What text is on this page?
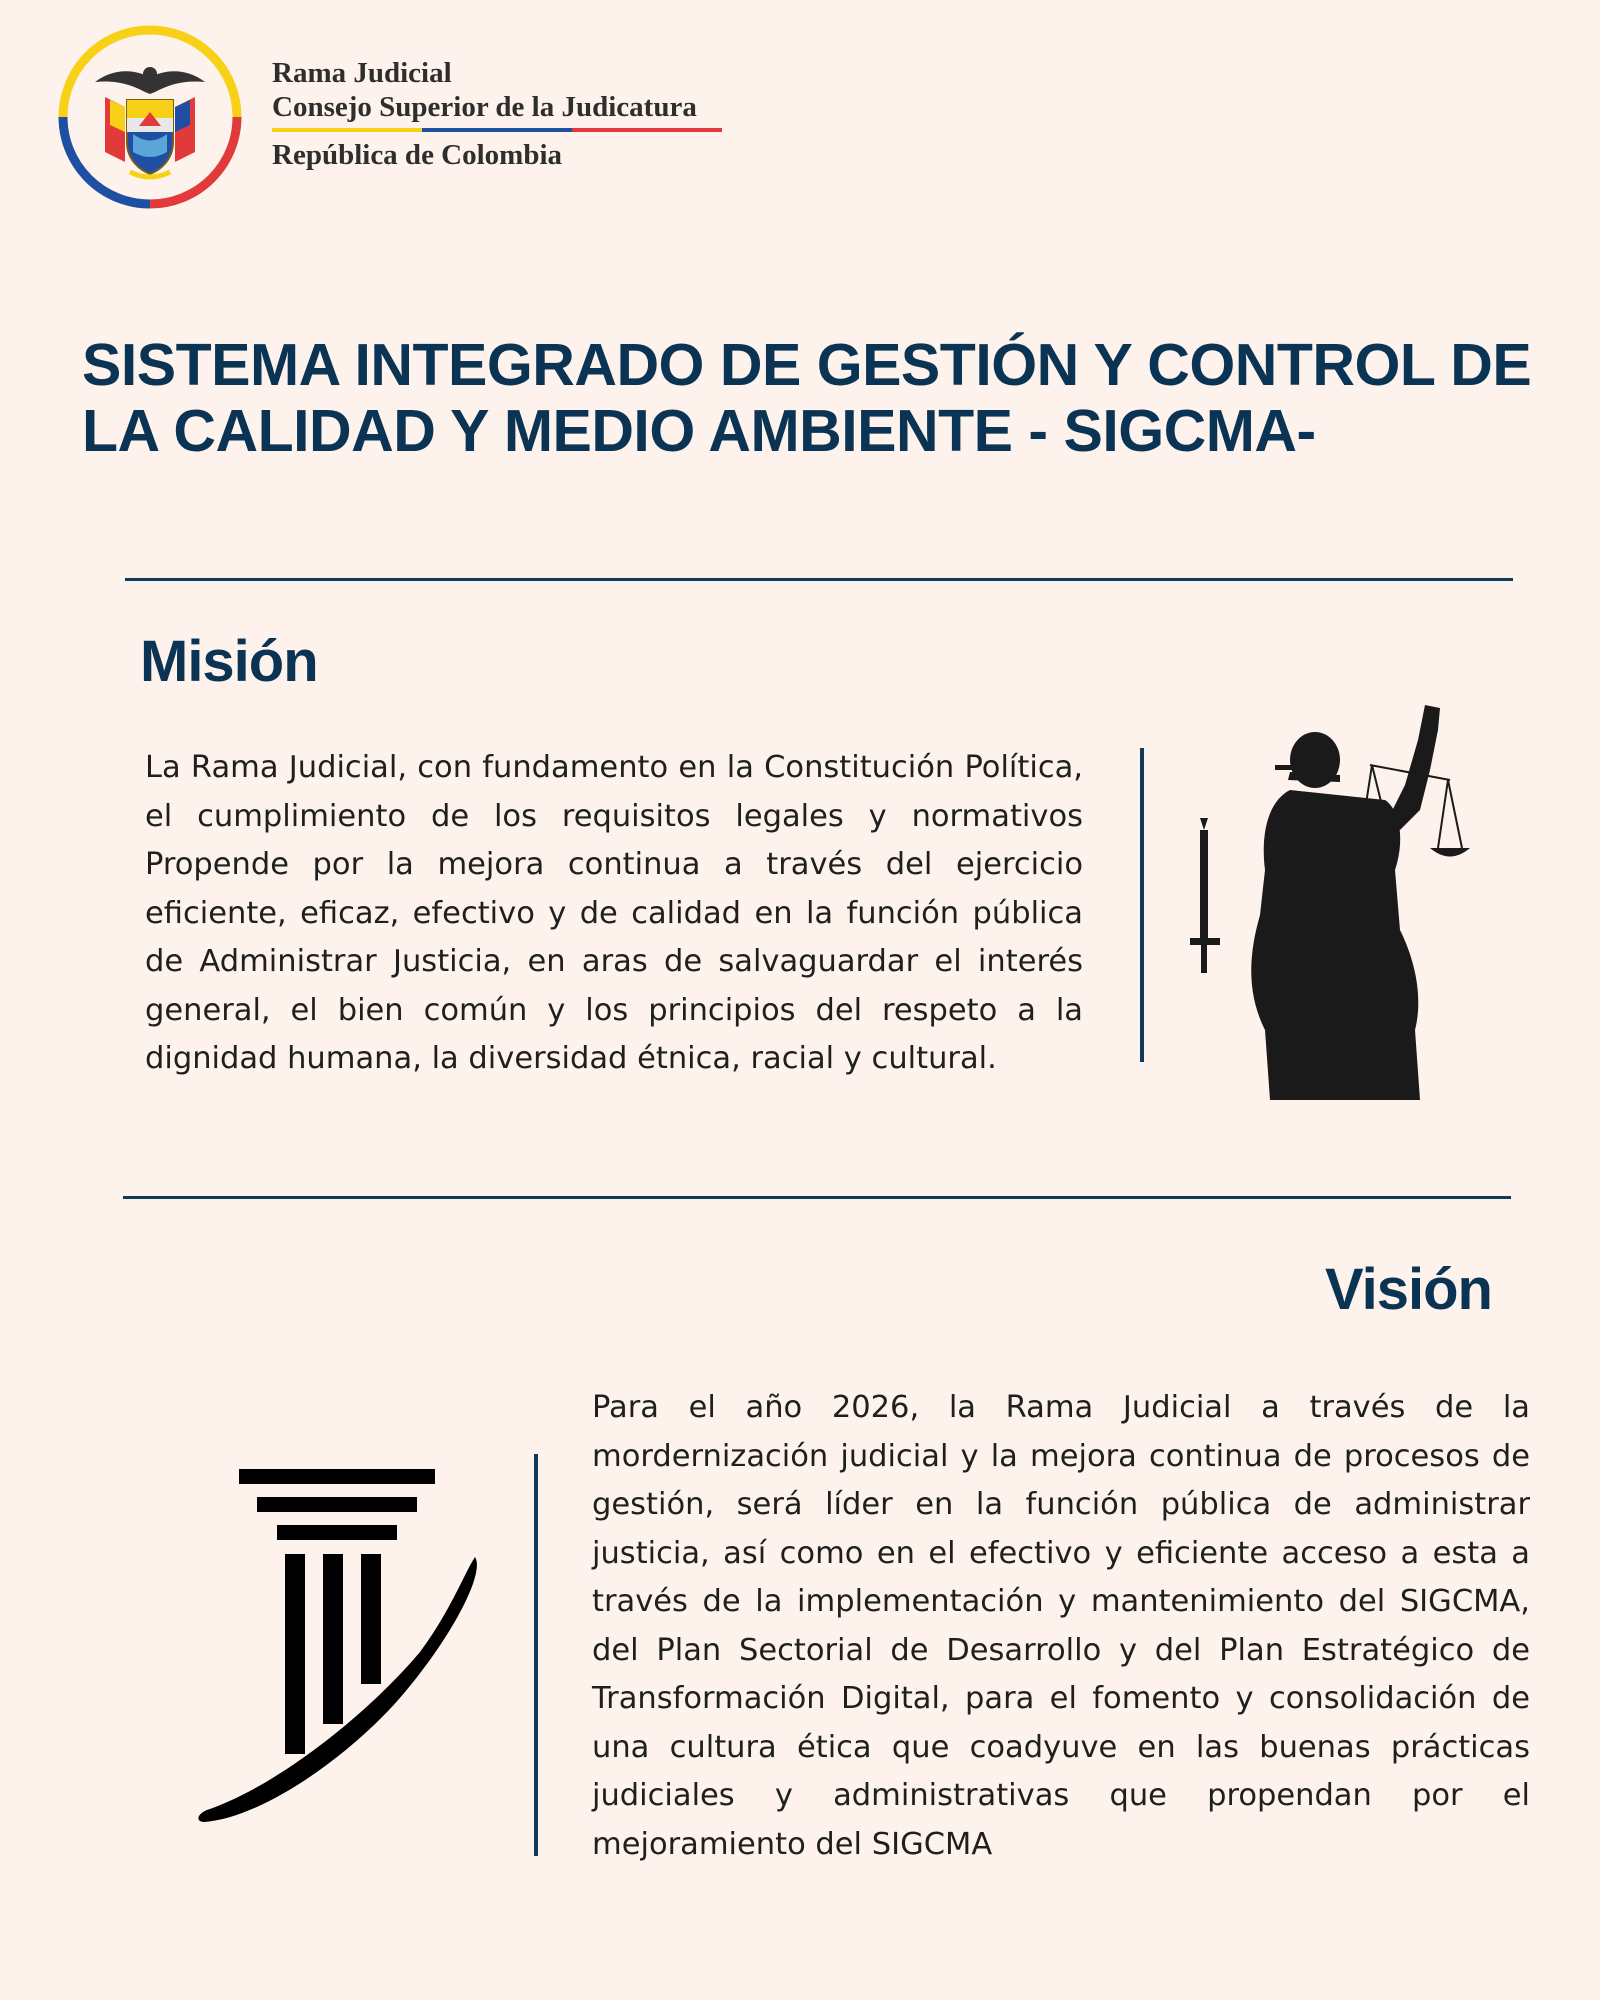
Rama Judicial
Consejo Superior de la Judicatura
República de Colombia
SISTEMA INTEGRADO DE GESTIÓN Y CONTROL DE LA CALIDAD Y MEDIO AMBIENTE - SIGCMA-
Misión

La Rama Judicial, con fundamento en la Constitución Política, el cumplimiento de los requisitos legales y normativos Propende por la mejora continua a través del ejercicio eficiente, eficaz, efectivo y de calidad en la función pública de Administrar Justicia, en aras de salvaguardar el interés general, el bien común y los principios del respeto a la dignidad humana, la diversidad étnica, racial y cultural.

Visión

Para el año 2026, la Rama Judicial a través de la mordernización judicial y la mejora continua de procesos de gestión, será líder en la función pública de administrar justicia, así como en el efectivo y eficiente acceso a esta a través de la implementación y mantenimiento del SIGCMA, del Plan Sectorial de Desarrollo y del Plan Estratégico de Transformación Digital, para el fomento y consolidación de una cultura ética que coadyuve en las buenas prácticas judiciales y administrativas que propendan por el mejoramiento del SIGCMA
